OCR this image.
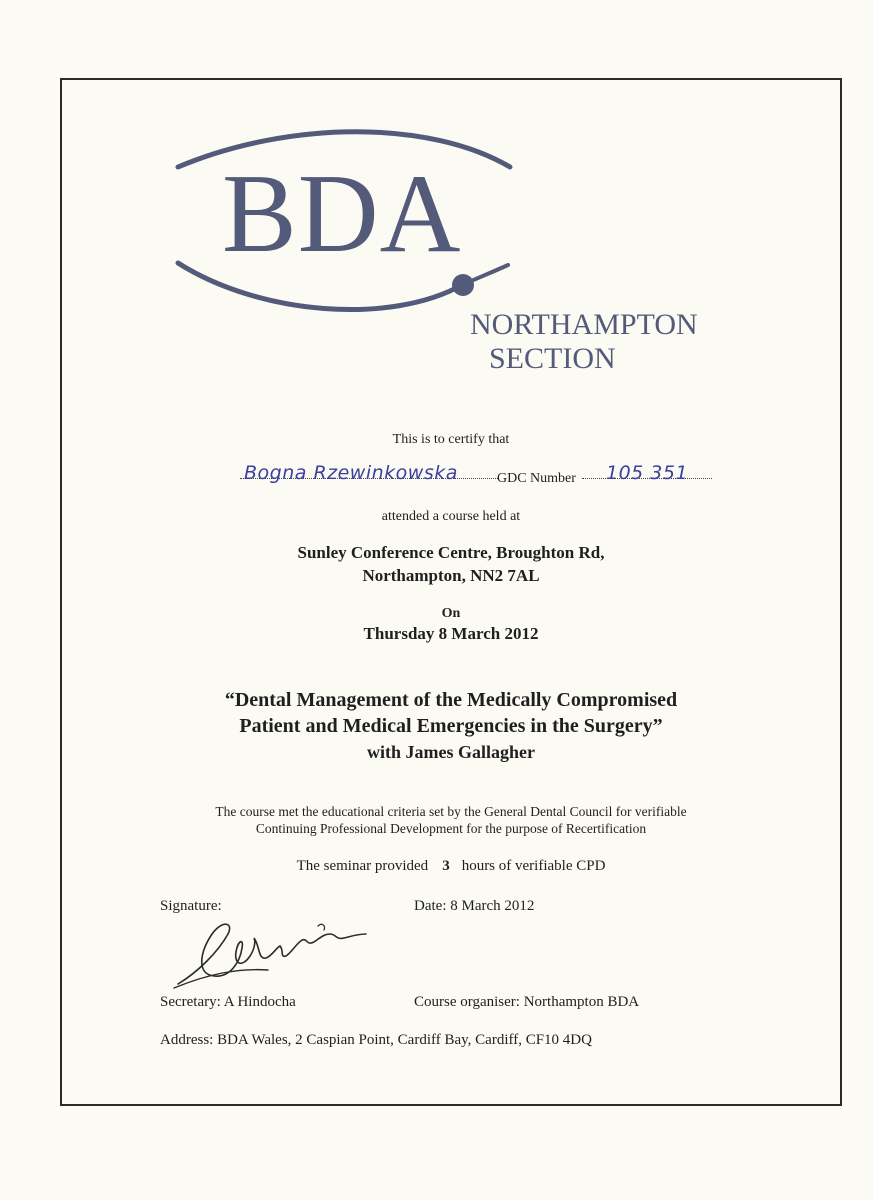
BDA
NORTHAMPTON
SECTION
This is to certify that
Bogna Rzewinkowska	GDC Number 105 351
attended a course held at
Sunley Conference Centre, Broughton Rd,
Northampton, NN2 7AL
On
Thursday 8 March 2012
“Dental Management of the Medically Compromised
Patient and Medical Emergencies in the Surgery”
with James Gallagher
The course met the educational criteria set by the General Dental Council for verifiable
Continuing Professional Development for the purpose of Recertification
The seminar provided 3 hours of verifiable CPD
Signature:	Date: 8 March 2012
Secretary: A Hindocha	Course organiser: Northampton BDA
Address: BDA Wales, 2 Caspian Point, Cardiff Bay, Cardiff, CF10 4DQ
